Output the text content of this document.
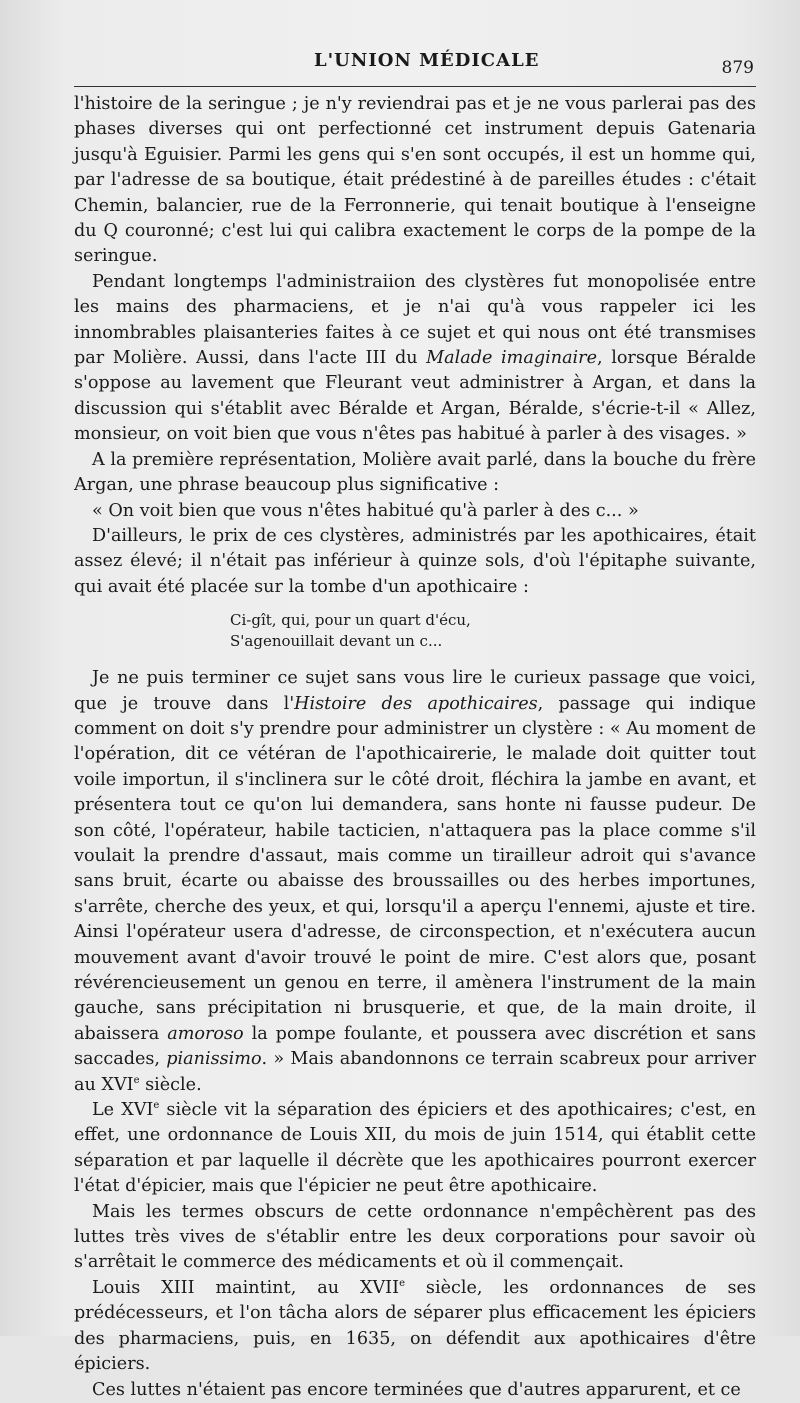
L'UNION MÉDICALE	879

l'histoire de la seringue ; je n'y reviendrai pas et je ne vous parlerai pas des phases diverses qui ont perfectionné cet instrument depuis Gatenaria jusqu'à Eguisier. Parmi les gens qui s'en sont occupés, il est un homme qui, par l'adresse de sa boutique, était prédestiné à de pareilles études : c'était Chemin, balancier, rue de la Ferronnerie, qui tenait boutique à l'enseigne du Q couronné; c'est lui qui calibra exactement le corps de la pompe de la seringue.

Pendant longtemps l'administraiion des clystères fut monopolisée entre les mains des pharmaciens, et je n'ai qu'à vous rappeler ici les innombrables plaisanteries faites à ce sujet et qui nous ont été transmises par Molière. Aussi, dans l'acte III du Malade imaginaire, lorsque Béralde s'oppose au lavement que Fleurant veut administrer à Argan, et dans la discussion qui s'établit avec Béralde et Argan, Béralde, s'écrie-t-il « Allez, monsieur, on voit bien que vous n'êtes pas habitué à parler à des visages. »

A la première représentation, Molière avait parlé, dans la bouche du frère Argan, une phrase beaucoup plus significative :

« On voit bien que vous n'êtes habitué qu'à parler à des c... »

D'ailleurs, le prix de ces clystères, administrés par les apothicaires, était assez élevé; il n'était pas inférieur à quinze sols, d'où l'épitaphe suivante, qui avait été placée sur la tombe d'un apothicaire :

Ci-gît, qui, pour un quart d'écu,
S'agenouillait devant un c...

Je ne puis terminer ce sujet sans vous lire le curieux passage que voici, que je trouve dans l'Histoire des apothicaires, passage qui indique comment on doit s'y prendre pour administrer un clystère : « Au moment de l'opération, dit ce vétéran de l'apothicairerie, le malade doit quitter tout voile importun, il s'inclinera sur le côté droit, fléchira la jambe en avant, et présentera tout ce qu'on lui demandera, sans honte ni fausse pudeur. De son côté, l'opérateur, habile tacticien, n'attaquera pas la place comme s'il voulait la prendre d'assaut, mais comme un tirailleur adroit qui s'avance sans bruit, écarte ou abaisse des broussailles ou des herbes importunes, s'arrête, cherche des yeux, et qui, lorsqu'il a aperçu l'ennemi, ajuste et tire. Ainsi l'opérateur usera d'adresse, de circonspection, et n'exécutera aucun mouvement avant d'avoir trouvé le point de mire. C'est alors que, posant révérencieusement un genou en terre, il amènera l'instrument de la main gauche, sans précipitation ni brusquerie, et que, de la main droite, il abaissera amoroso la pompe foulante, et poussera avec discrétion et sans saccades, pianissimo. » Mais abandonnons ce terrain scabreux pour arriver au XVIe siècle.

Le XVIe siècle vit la séparation des épiciers et des apothicaires; c'est, en effet, une ordonnance de Louis XII, du mois de juin 1514, qui établit cette séparation et par laquelle il décrète que les apothicaires pourront exercer l'état d'épicier, mais que l'épicier ne peut être apothicaire.

Mais les termes obscurs de cette ordonnance n'empêchèrent pas des luttes très vives de s'établir entre les deux corporations pour savoir où s'arrêtait le commerce des médicaments et où il commençait.

Louis XIII maintint, au XVIIe siècle, les ordonnances de ses prédécesseurs, et l'on tâcha alors de séparer plus efficacement les épiciers des pharmaciens, puis, en 1635, on défendit aux apothicaires d'être épiciers.

Ces luttes n'étaient pas encore terminées que d'autres apparurent, et ce
